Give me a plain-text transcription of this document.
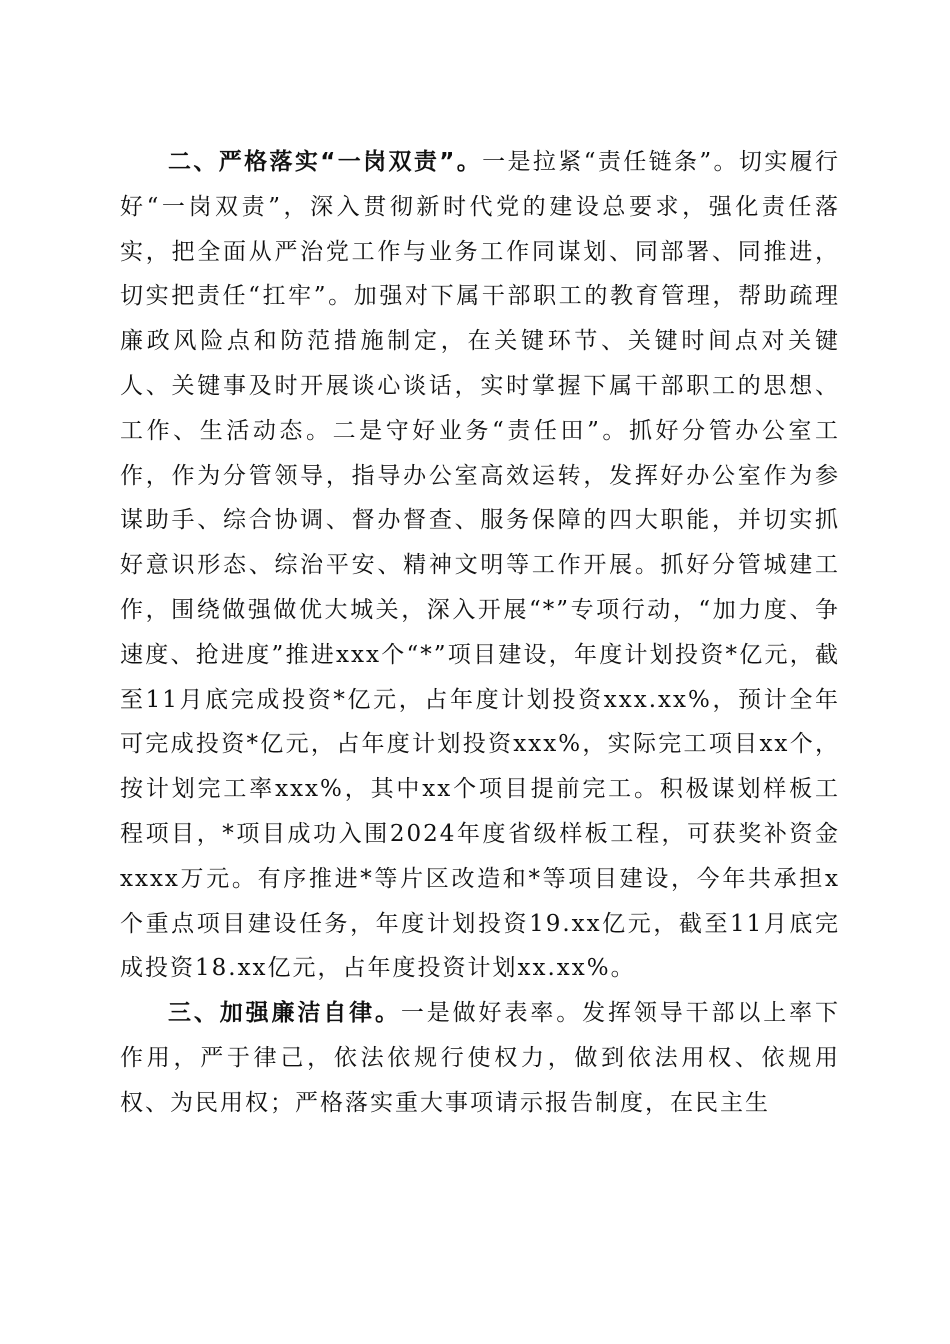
二、严格落实“一岗双责”。一是拉紧“责任链条”。切实履行好“一岗双责”，深入贯彻新时代党的建设总要求，强化责任落实，把全面从严治党工作与业务工作同谋划、同部署、同推进，切实把责任“扛牢”。加强对下属干部职工的教育管理，帮助疏理廉政风险点和防范措施制定，在关键环节、关键时间点对关键人、关键事及时开展谈心谈话，实时掌握下属干部职工的思想、工作、生活动态。二是守好业务“责任田”。抓好分管办公室工作，作为分管领导，指导办公室高效运转，发挥好办公室作为参谋助手、综合协调、督办督查、服务保障的四大职能，并切实抓好意识形态、综治平安、精神文明等工作开展。抓好分管城建工作，围绕做强做优大城关，深入开展“*”专项行动，“加力度、争速度、抢进度”推进xxx个“*”项目建设，年度计划投资*亿元，截至11月底完成投资*亿元，占年度计划投资xxx.xx%，预计全年可完成投资*亿元，占年度计划投资xxx%，实际完工项目xx个，按计划完工率xxx%，其中xx个项目提前完工。积极谋划样板工程项目，*项目成功入围2024年度省级样板工程，可获奖补资金xxxx万元。有序推进*等片区改造和*等项目建设，今年共承担x个重点项目建设任务，年度计划投资19.xx亿元，截至11月底完成投资18.xx亿元，占年度投资计划xx.xx%。

三、加强廉洁自律。一是做好表率。发挥领导干部以上率下作用，严于律己，依法依规行使权力，做到依法用权、依规用权、为民用权；严格落实重大事项请示报告制度，在民主生
